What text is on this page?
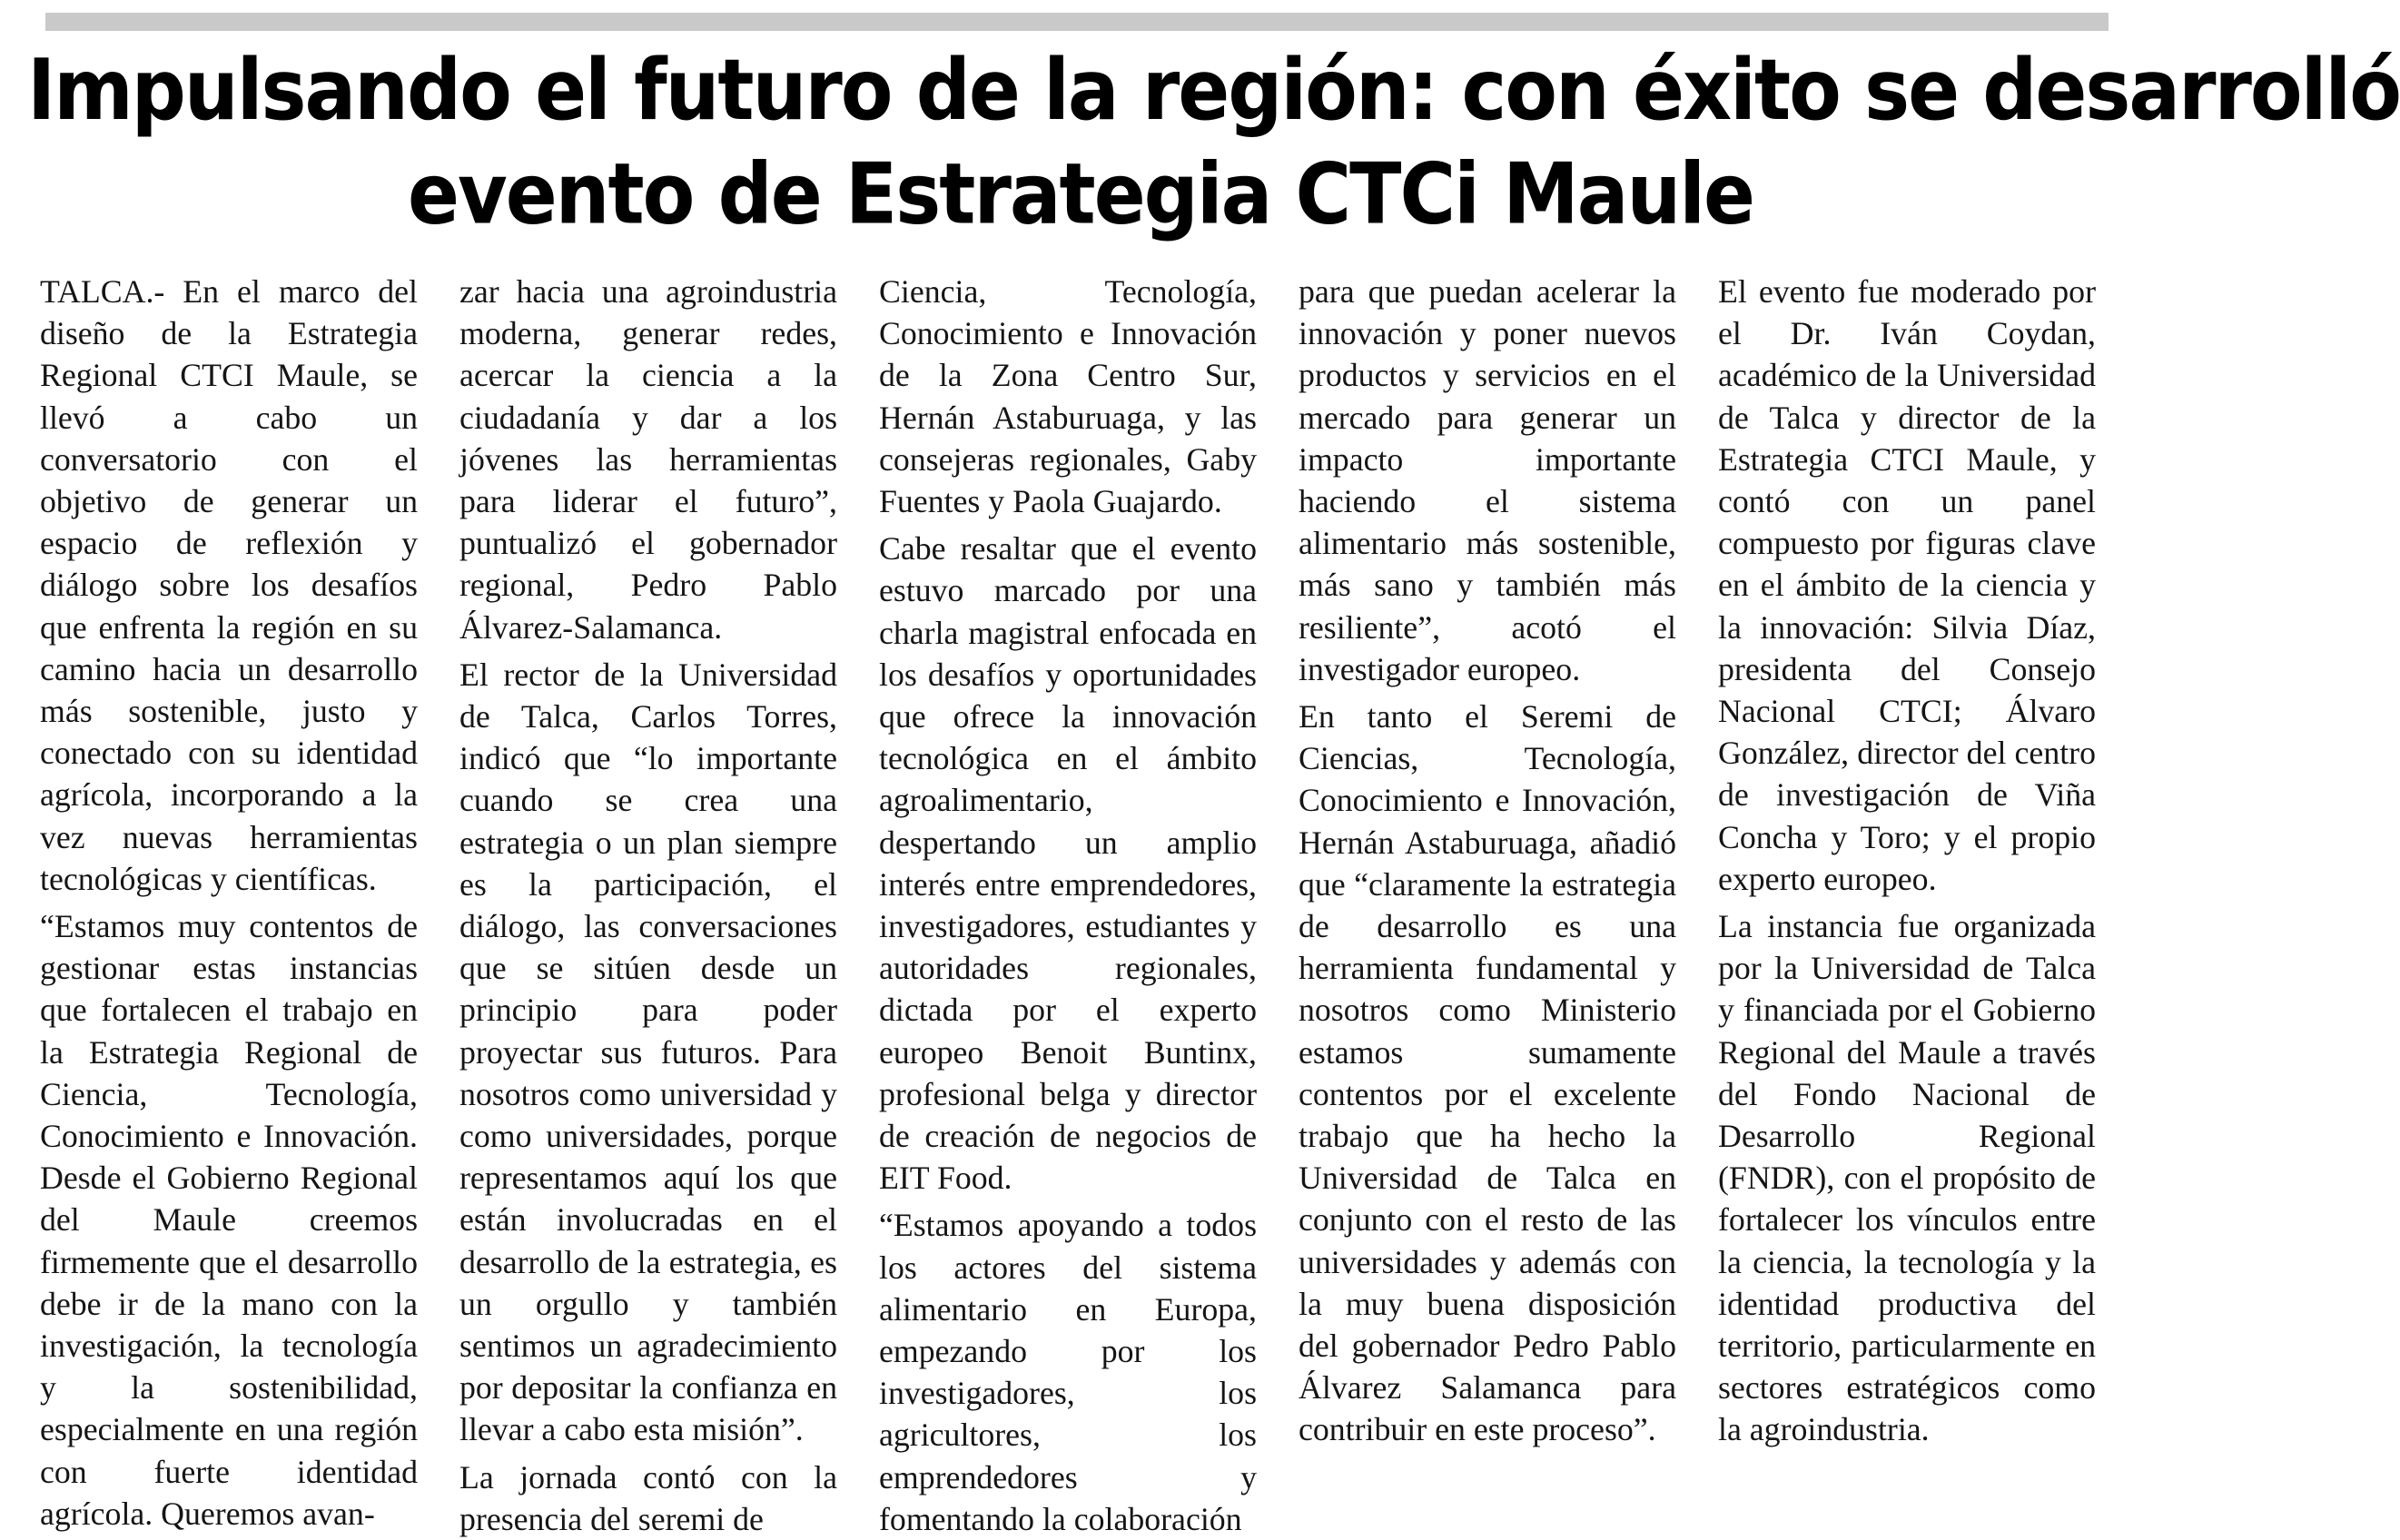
Impulsando el futuro de la región: con éxito se desarrolló
evento de Estrategia CTCi Maule

TALCA.- En el marco del diseño de la Estrategia Regional CTCI Maule, se llevó a cabo un conversatorio con el objetivo de generar un espacio de reflexión y diálogo sobre los desafíos que enfrenta la región en su camino hacia un desarrollo más sostenible, justo y conectado con su identidad agrícola, incorporando a la vez nuevas herramientas tecnológicas y científicas.

“Estamos muy contentos de gestionar estas instancias que fortalecen el trabajo en la Estrategia Regional de Ciencia, Tecnología, Conocimiento e Innovación. Desde el Gobierno Regional del Maule creemos firmemente que el desarrollo debe ir de la mano con la investigación, la tecnología y la sostenibilidad, especialmente en una región con fuerte identidad agrícola. Queremos avan-

zar hacia una agroindustria moderna, generar redes, acercar la ciencia a la ciudadanía y dar a los jóvenes las herramientas para liderar el futuro”, puntualizó el gobernador regional, Pedro Pablo Álvarez-Salamanca.

El rector de la Universidad de Talca, Carlos Torres, indicó que “lo importante cuando se crea una estrategia o un plan siempre es la participación, el diálogo, las conversaciones que se sitúen desde un principio para poder proyectar sus futuros. Para nosotros como universidad y como universidades, porque representamos aquí los que están involucradas en el desarrollo de la estrategia, es un orgullo y también sentimos un agradecimiento por depositar la confianza en llevar a cabo esta misión”.

La jornada contó con la presencia del seremi de

Ciencia, Tecnología, Conocimiento e Innovación de la Zona Centro Sur, Hernán Astaburuaga, y las consejeras regionales, Gaby Fuentes y Paola Guajardo.

Cabe resaltar que el evento estuvo marcado por una charla magistral enfocada en los desafíos y oportunidades que ofrece la innovación tecnológica en el ámbito agroalimentario, despertando un amplio interés entre emprendedores, investigadores, estudiantes y autoridades regionales, dictada por el experto europeo Benoit Buntinx, profesional belga y director de creación de negocios de EIT Food.

“Estamos apoyando a todos los actores del sistema alimentario en Europa, empezando por los investigadores, los agricultores, los emprendedores y fomentando la colaboración

para que puedan acelerar la innovación y poner nuevos productos y servicios en el mercado para generar un impacto importante haciendo el sistema alimentario más sostenible, más sano y también más resiliente”, acotó el investigador europeo.

En tanto el Seremi de Ciencias, Tecnología, Conocimiento e Innovación, Hernán Astaburuaga, añadió que “claramente la estrategia de desarrollo es una herramienta fundamental y nosotros como Ministerio estamos sumamente contentos por el excelente trabajo que ha hecho la Universidad de Talca en conjunto con el resto de las universidades y además con la muy buena disposición del gobernador Pedro Pablo Álvarez Salamanca para contribuir en este proceso”.

El evento fue moderado por el Dr. Iván Coydan, académico de la Universidad de Talca y director de la Estrategia CTCI Maule, y contó con un panel compuesto por figuras clave en el ámbito de la ciencia y la innovación: Silvia Díaz, presidenta del Consejo Nacional CTCI; Álvaro González, director del centro de investigación de Viña Concha y Toro; y el propio experto europeo.

La instancia fue organizada por la Universidad de Talca y financiada por el Gobierno Regional del Maule a través del Fondo Nacional de Desarrollo Regional (FNDR), con el propósito de fortalecer los vínculos entre la ciencia, la tecnología y la identidad productiva del territorio, particularmente en sectores estratégicos como la agroindustria.
